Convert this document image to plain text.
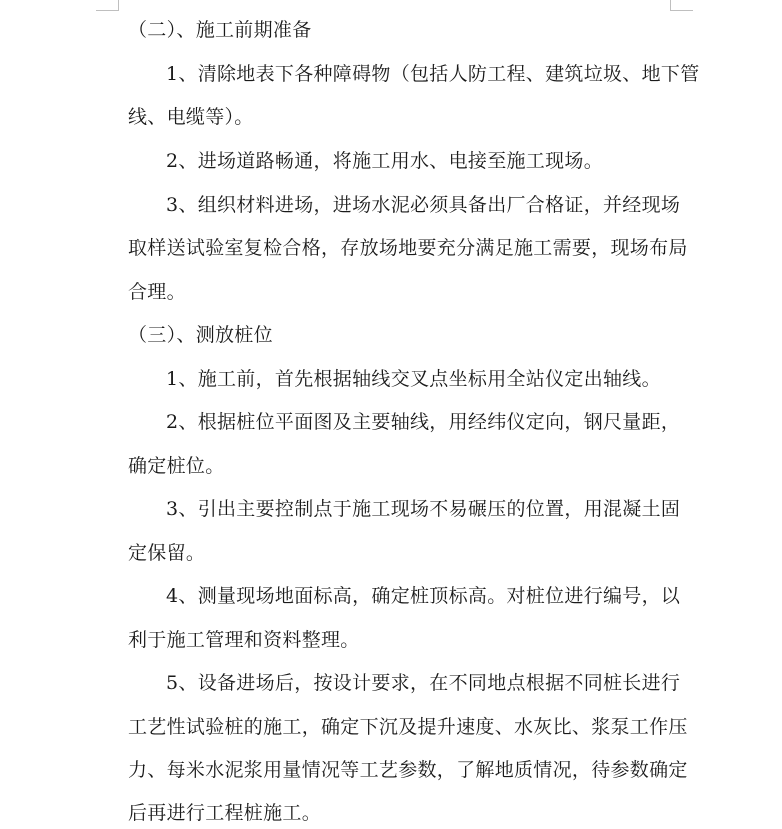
（二）、施工前期准备
1、清除地表下各种障碍物（包括人防工程、建筑垃圾、地下管
线、电缆等）。
2、进场道路畅通，将施工用水、电接至施工现场。
3、组织材料进场，进场水泥必须具备出厂合格证，并经现场
取样送试验室复检合格，存放场地要充分满足施工需要，现场布局
合理。
（三）、测放桩位
1、施工前，首先根据轴线交叉点坐标用全站仪定出轴线。
2、根据桩位平面图及主要轴线，用经纬仪定向，钢尺量距，
确定桩位。
3、引出主要控制点于施工现场不易碾压的位置，用混凝土固
定保留。
4、测量现场地面标高，确定桩顶标高。对桩位进行编号，以
利于施工管理和资料整理。
5、设备进场后，按设计要求，在不同地点根据不同桩长进行
工艺性试验桩的施工，确定下沉及提升速度、水灰比、浆泵工作压
力、每米水泥浆用量情况等工艺参数，了解地质情况，待参数确定
后再进行工程桩施工。
